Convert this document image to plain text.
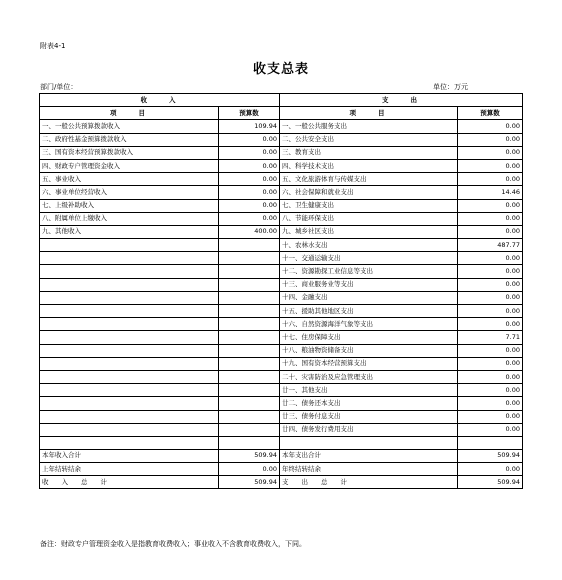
附表4-1
收支总表
部门/单位：	单位：万元
收　　入		支　　出	
项　　目	预算数	项　　目	预算数
一、一般公共预算拨款收入	109.94	一、一般公共服务支出	0.00
二、政府性基金预算拨款收入	0.00	二、公共安全支出	0.00
三、国有资本经营预算拨款收入	0.00	三、教育支出	0.00
四、财政专户管理资金收入	0.00	四、科学技术支出	0.00
五、事业收入	0.00	五、文化旅游体育与传媒支出	0.00
六、事业单位经营收入	0.00	六、社会保障和就业支出	14.46
七、上级补助收入	0.00	七、卫生健康支出	0.00
八、附属单位上缴收入	0.00	八、节能环保支出	0.00
九、其他收入	400.00	九、城乡社区支出	0.00
		十、农林水支出	487.77
		十一、交通运输支出	0.00
		十二、资源勘探工业信息等支出	0.00
		十三、商业服务业等支出	0.00
		十四、金融支出	0.00
		十五、援助其他地区支出	0.00
		十六、自然资源海洋气象等支出	0.00
		十七、住房保障支出	7.71
		十八、粮油物资储备支出	0.00
		十九、国有资本经营预算支出	0.00
		二十、灾害防治及应急管理支出	0.00
		廿一、其他支出	0.00
		廿二、债务还本支出	0.00
		廿三、债务付息支出	0.00
		廿四、债务发行费用支出	0.00

本年收入合计	509.94	本年支出合计	509.94
上年结转结余	0.00	年终结转结余	0.00
收　　入　　总　　计	509.94	支　　出　　总　　计	509.94
备注：财政专户管理资金收入是指教育收费收入；事业收入不含教育收费收入，下同。
